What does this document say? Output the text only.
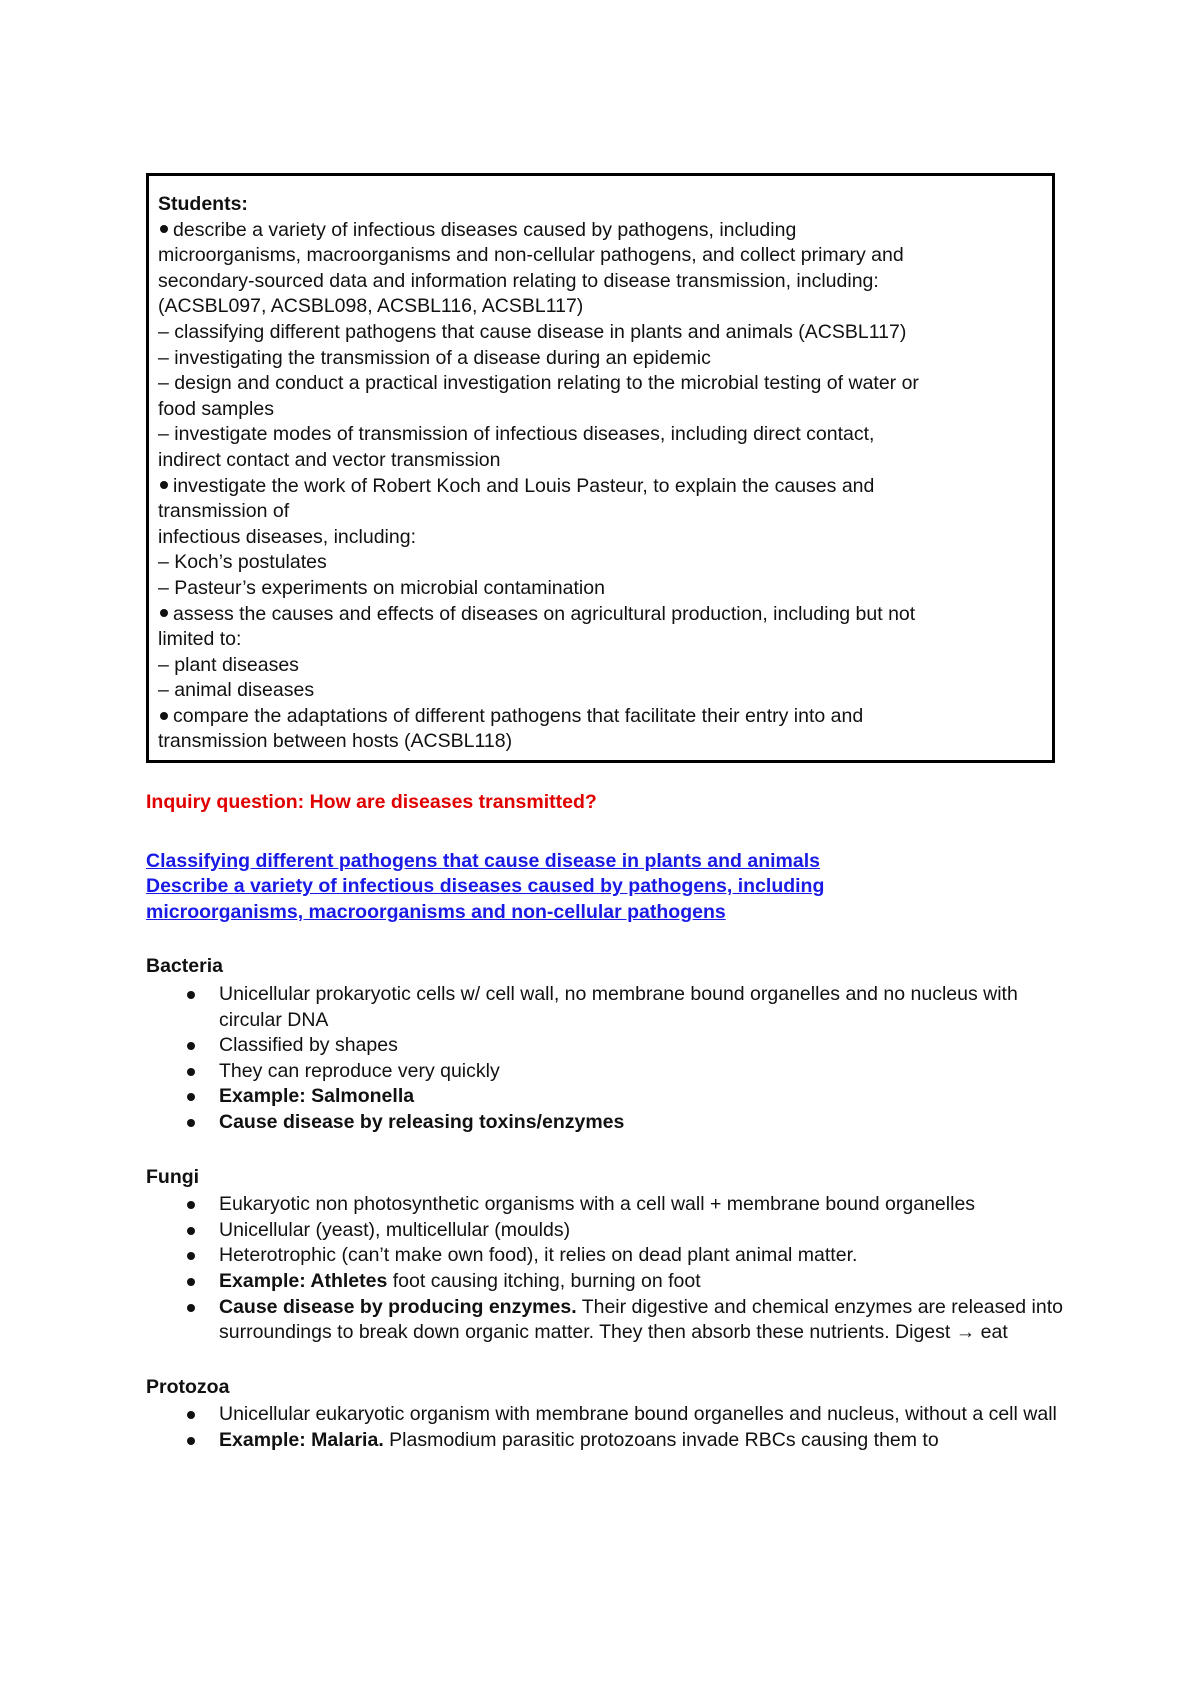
Students:
describe a variety of infectious diseases caused by pathogens, including
microorganisms, macroorganisms and non-cellular pathogens, and collect primary and
secondary-sourced data and information relating to disease transmission, including:
(ACSBL097, ACSBL098, ACSBL116, ACSBL117)
– classifying different pathogens that cause disease in plants and animals (ACSBL117)
– investigating the transmission of a disease during an epidemic
– design and conduct a practical investigation relating to the microbial testing of water or
food samples
– investigate modes of transmission of infectious diseases, including direct contact,
indirect contact and vector transmission
investigate the work of Robert Koch and Louis Pasteur, to explain the causes and
transmission of
infectious diseases, including:
– Koch’s postulates
– Pasteur’s experiments on microbial contamination
assess the causes and effects of diseases on agricultural production, including but not
limited to:
– plant diseases
– animal diseases
compare the adaptations of different pathogens that facilitate their entry into and
transmission between hosts (ACSBL118)

Inquiry question: How are diseases transmitted?

Classifying different pathogens that cause disease in plants and animals
Describe a variety of infectious diseases caused by pathogens, including
microorganisms, macroorganisms and non-cellular pathogens
Bacteria
Unicellular prokaryotic cells w/ cell wall, no membrane bound organelles and no nucleus with circular DNA
Classified by shapes
They can reproduce very quickly
Example: Salmonella
Cause disease by releasing toxins/enzymes
Fungi
Eukaryotic non photosynthetic organisms with a cell wall + membrane bound organelles
Unicellular (yeast), multicellular (moulds)
Heterotrophic (can’t make own food), it relies on dead plant animal matter.
Example: Athletes foot causing itching, burning on foot
Cause disease by producing enzymes. Their digestive and chemical enzymes are released into surroundings to break down organic matter. They then absorb these nutrients. Digest → eat
Protozoa
Unicellular eukaryotic organism with membrane bound organelles and nucleus, without a cell wall
Example: Malaria. Plasmodium parasitic protozoans invade RBCs causing them to
